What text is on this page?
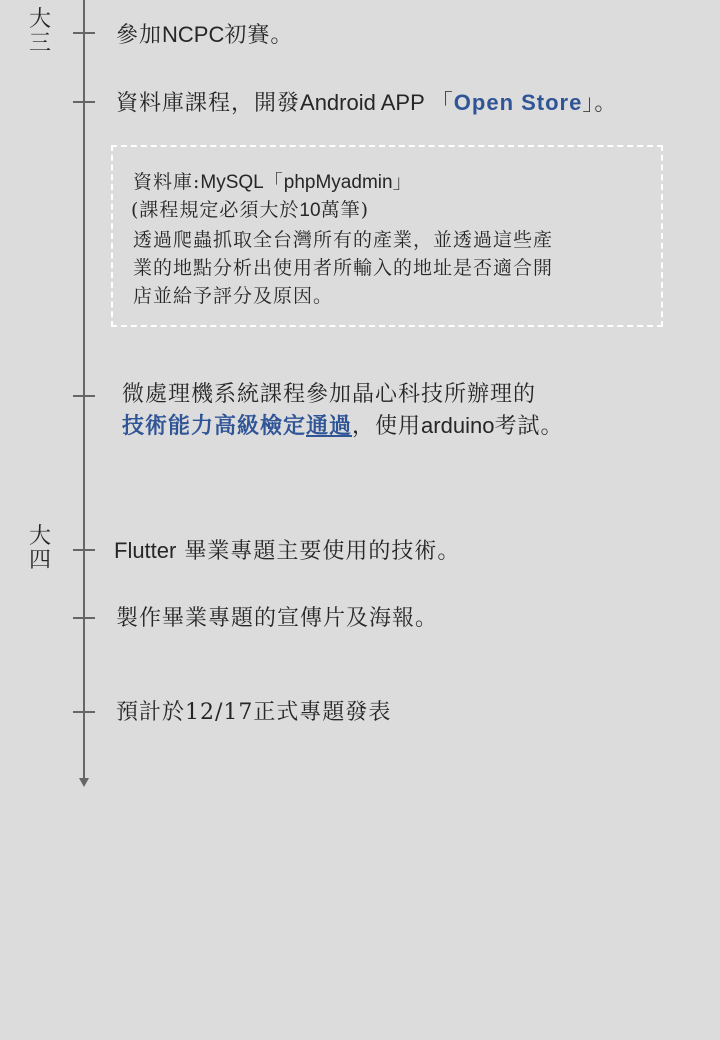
大
三
大
四
參加NCPC初賽。
資料庫課程，開發Android APP 「Open Store」。
資料庫:MySQL「phpMyadmin」
(課程規定必須大於10萬筆)
透過爬蟲抓取全台灣所有的產業，並透過這些產
業的地點分析出使用者所輸入的地址是否適合開
店並給予評分及原因。
微處理機系統課程參加晶心科技所辦理的
技術能力高級檢定通過，使用arduino考試。
Flutter 畢業專題主要使用的技術。
製作畢業專題的宣傳片及海報。
預計於12/17正式專題發表
